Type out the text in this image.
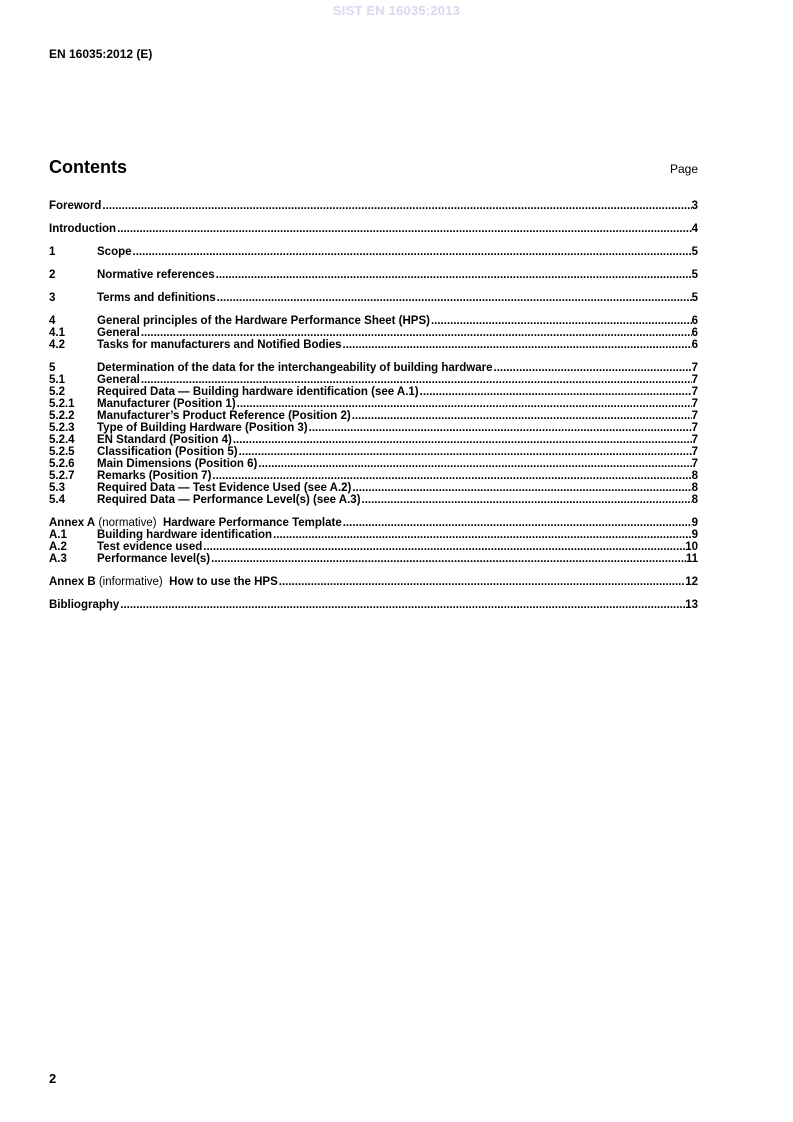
SIST EN 16035:2013
EN 16035:2012 (E)
Contents	Page
Foreword .....	3
Introduction .....	4
1	Scope .....	5
2	Normative references .....	5
3	Terms and definitions .....	5
4	General principles of the Hardware Performance Sheet (HPS) .....	6
4.1	General .....	6
4.2	Tasks for manufacturers and Notified Bodies .....	6
5	Determination of the data for the interchangeability of building hardware .....	7
5.1	General .....	7
5.2	Required Data — Building hardware identification (see A.1) .....	7
5.2.1	Manufacturer (Position 1) .....	7
5.2.2	Manufacturer’s Product Reference (Position 2) .....	7
5.2.3	Type of Building Hardware (Position 3) .....	7
5.2.4	EN Standard (Position 4) .....	7
5.2.5	Classification (Position 5) .....	7
5.2.6	Main Dimensions (Position 6) .....	7
5.2.7	Remarks (Position 7) .....	8
5.3	Required Data — Test Evidence Used (see A.2) .....	8
5.4	Required Data — Performance Level(s) (see A.3) .....	8
Annex A (normative)  Hardware Performance Template .....	9
A.1	Building hardware identification .....	9
A.2	Test evidence used .....	10
A.3	Performance level(s) .....	11
Annex B (informative)  How to use the HPS .....	12
Bibliography .....	13
2
